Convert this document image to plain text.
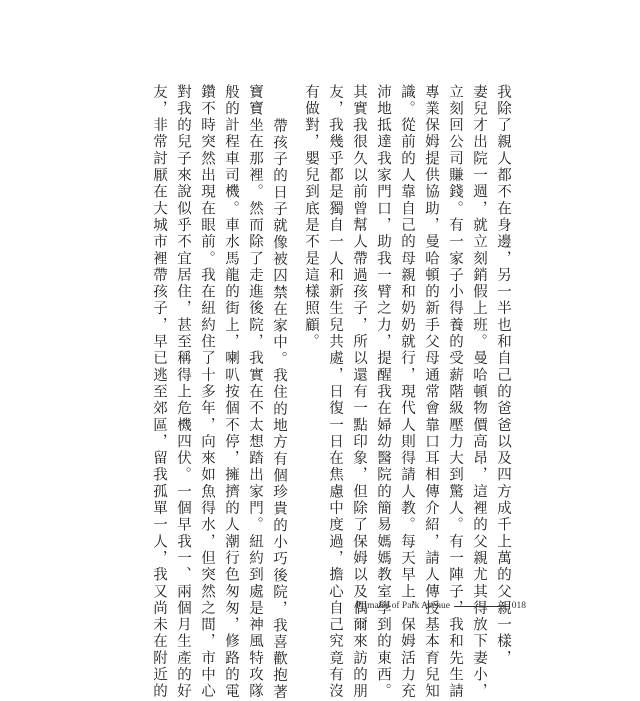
我除了親人都不在身邊，另一半也和自己的爸爸以及四方成千上萬的父親一樣，
妻兒才出院一週，就立刻銷假上班。曼哈頓物價高昂，這裡的父親尤其得放下妻小，
立刻回公司賺錢。有一家子小得養的受薪階級壓力大到驚人。有一陣子，我和先生請
專業保姆提供協助，曼哈頓的新手父母通常會靠口耳相傳介紹，請人傳授基本育兒知
識。從前的人靠自己的母親和奶奶就行，現代人則得請人教。每天早上，保姆活力充
沛地抵達我家門口，助我一臂之力，提醒我在婦幼醫院的簡易媽媽教室學到的東西。
其實我很久以前曾幫人帶過孩子，所以還有一點印象，但除了保姆以及偶爾來訪的朋
友，我幾乎都是獨自一人和新生兒共處，日復一日在焦慮中度過，擔心自己究竟有沒
有做對，嬰兒到底是不是這樣照顧。
帶孩子的日子就像被囚禁在家中。我住的地方有個珍貴的小巧後院，我喜歡抱著
寶寶坐在那裡。然而除了走進後院，我實在不太想踏出家門。紐約到處是神風特攻隊
般的計程車司機。車水馬龍的街上，喇叭按個不停，擁擠的人潮行色匆匆，修路的電
鑽不時突然出現在眼前。我在紐約住了十多年，向來如魚得水，但突然之間，市中心
對我的兒子來說似乎不宜居住，甚至稱得上危機四伏。一個早我一、兩個月生產的好
友，非常討厭在大城市裡帶孩子，早已逃至郊區，留我孤單一人，我又尚未在附近的	Primates of Park Avenue	018
